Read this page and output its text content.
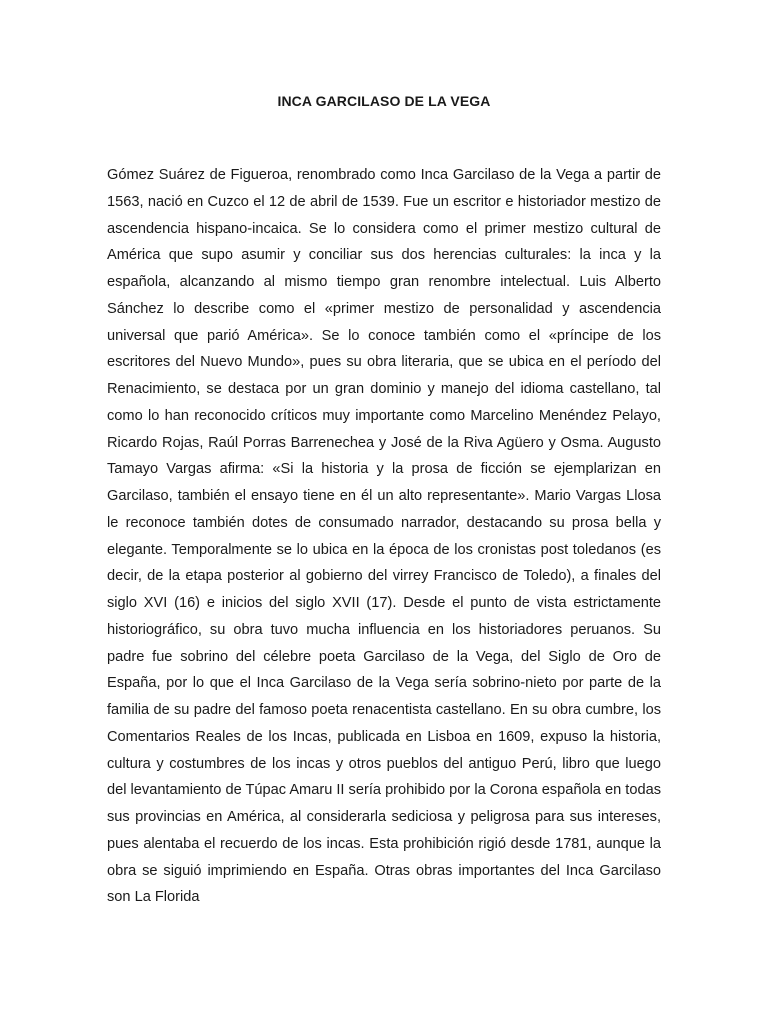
INCA GARCILASO DE LA VEGA

Gómez Suárez de Figueroa, renombrado como Inca Garcilaso de la Vega a partir de 1563, nació en Cuzco el 12 de abril de 1539. Fue un escritor e historiador mestizo de ascendencia hispano-incaica. Se lo considera como el primer mestizo cultural de América que supo asumir y conciliar sus dos herencias culturales: la inca y la española, alcanzando al mismo tiempo gran renombre intelectual. Luis Alberto Sánchez lo describe como el «primer mestizo de personalidad y ascendencia universal que parió América». Se lo conoce también como el «príncipe de los escritores del Nuevo Mundo», pues su obra literaria, que se ubica en el período del Renacimiento, se destaca por un gran dominio y manejo del idioma castellano, tal como lo han reconocido críticos muy importante como Marcelino Menéndez Pelayo, Ricardo Rojas, Raúl Porras Barrenechea y José de la Riva Agüero y Osma. Augusto Tamayo Vargas afirma: «Si la historia y la prosa de ficción se ejemplarizan en Garcilaso, también el ensayo tiene en él un alto representante». Mario Vargas Llosa le reconoce también dotes de consumado narrador, destacando su prosa bella y elegante. Temporalmente se lo ubica en la época de los cronistas post toledanos (es decir, de la etapa posterior al gobierno del virrey Francisco de Toledo), a finales del siglo XVI (16) e inicios del siglo XVII (17). Desde el punto de vista estrictamente historiográfico, su obra tuvo mucha influencia en los historiadores peruanos. Su padre fue sobrino del célebre poeta Garcilaso de la Vega, del Siglo de Oro de España, por lo que el Inca Garcilaso de la Vega sería sobrino-nieto por parte de la familia de su padre del famoso poeta renacentista castellano. En su obra cumbre, los Comentarios Reales de los Incas, publicada en Lisboa en 1609, expuso la historia, cultura y costumbres de los incas y otros pueblos del antiguo Perú, libro que luego del levantamiento de Túpac Amaru II sería prohibido por la Corona española en todas sus provincias en América, al considerarla sediciosa y peligrosa para sus intereses, pues alentaba el recuerdo de los incas. Esta prohibición rigió desde 1781, aunque la obra se siguió imprimiendo en España. Otras obras importantes del Inca Garcilaso son La Florida
